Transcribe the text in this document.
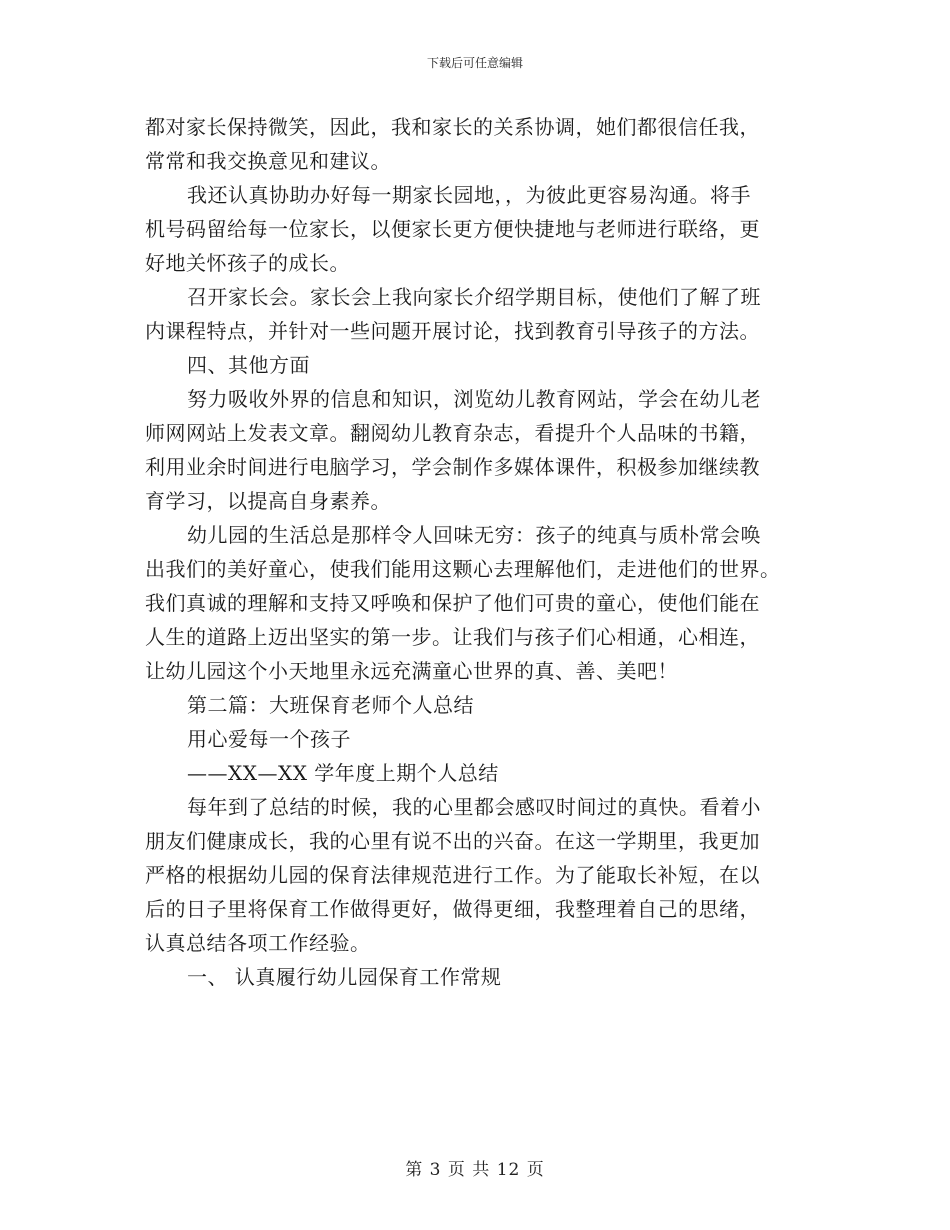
下载后可任意编辑
都对家长保持微笑，因此，我和家长的关系协调，她们都很信任我，
常常和我交换意见和建议。
我还认真协助办好每一期家长园地，，为彼此更容易沟通。将手
机号码留给每一位家长，以便家长更方便快捷地与老师进行联络，更
好地关怀孩子的成长。
召开家长会。家长会上我向家长介绍学期目标，使他们了解了班
内课程特点，并针对一些问题开展讨论，找到教育引导孩子的方法。
四、其他方面
努力吸收外界的信息和知识，浏览幼儿教育网站，学会在幼儿老
师网网站上发表文章。翻阅幼儿教育杂志，看提升个人品味的书籍，
利用业余时间进行电脑学习，学会制作多媒体课件，积极参加继续教
育学习，以提高自身素养。
幼儿园的生活总是那样令人回味无穷：孩子的纯真与质朴常会唤
出我们的美好童心，使我们能用这颗心去理解他们，走进他们的世界。
我们真诚的理解和支持又呼唤和保护了他们可贵的童心，使他们能在
人生的道路上迈出坚实的第一步。让我们与孩子们心相通，心相连，
让幼儿园这个小天地里永远充满童心世界的真、善、美吧！
第二篇：大班保育老师个人总结
用心爱每一个孩子
——XX—XX 学年度上期个人总结
每年到了总结的时候，我的心里都会感叹时间过的真快。看着小
朋友们健康成长，我的心里有说不出的兴奋。在这一学期里，我更加
严格的根据幼儿园的保育法律规范进行工作。为了能取长补短，在以
后的日子里将保育工作做得更好，做得更细，我整理着自己的思绪，
认真总结各项工作经验。
一、 认真履行幼儿园保育工作常规
第 3 页 共 12 页
